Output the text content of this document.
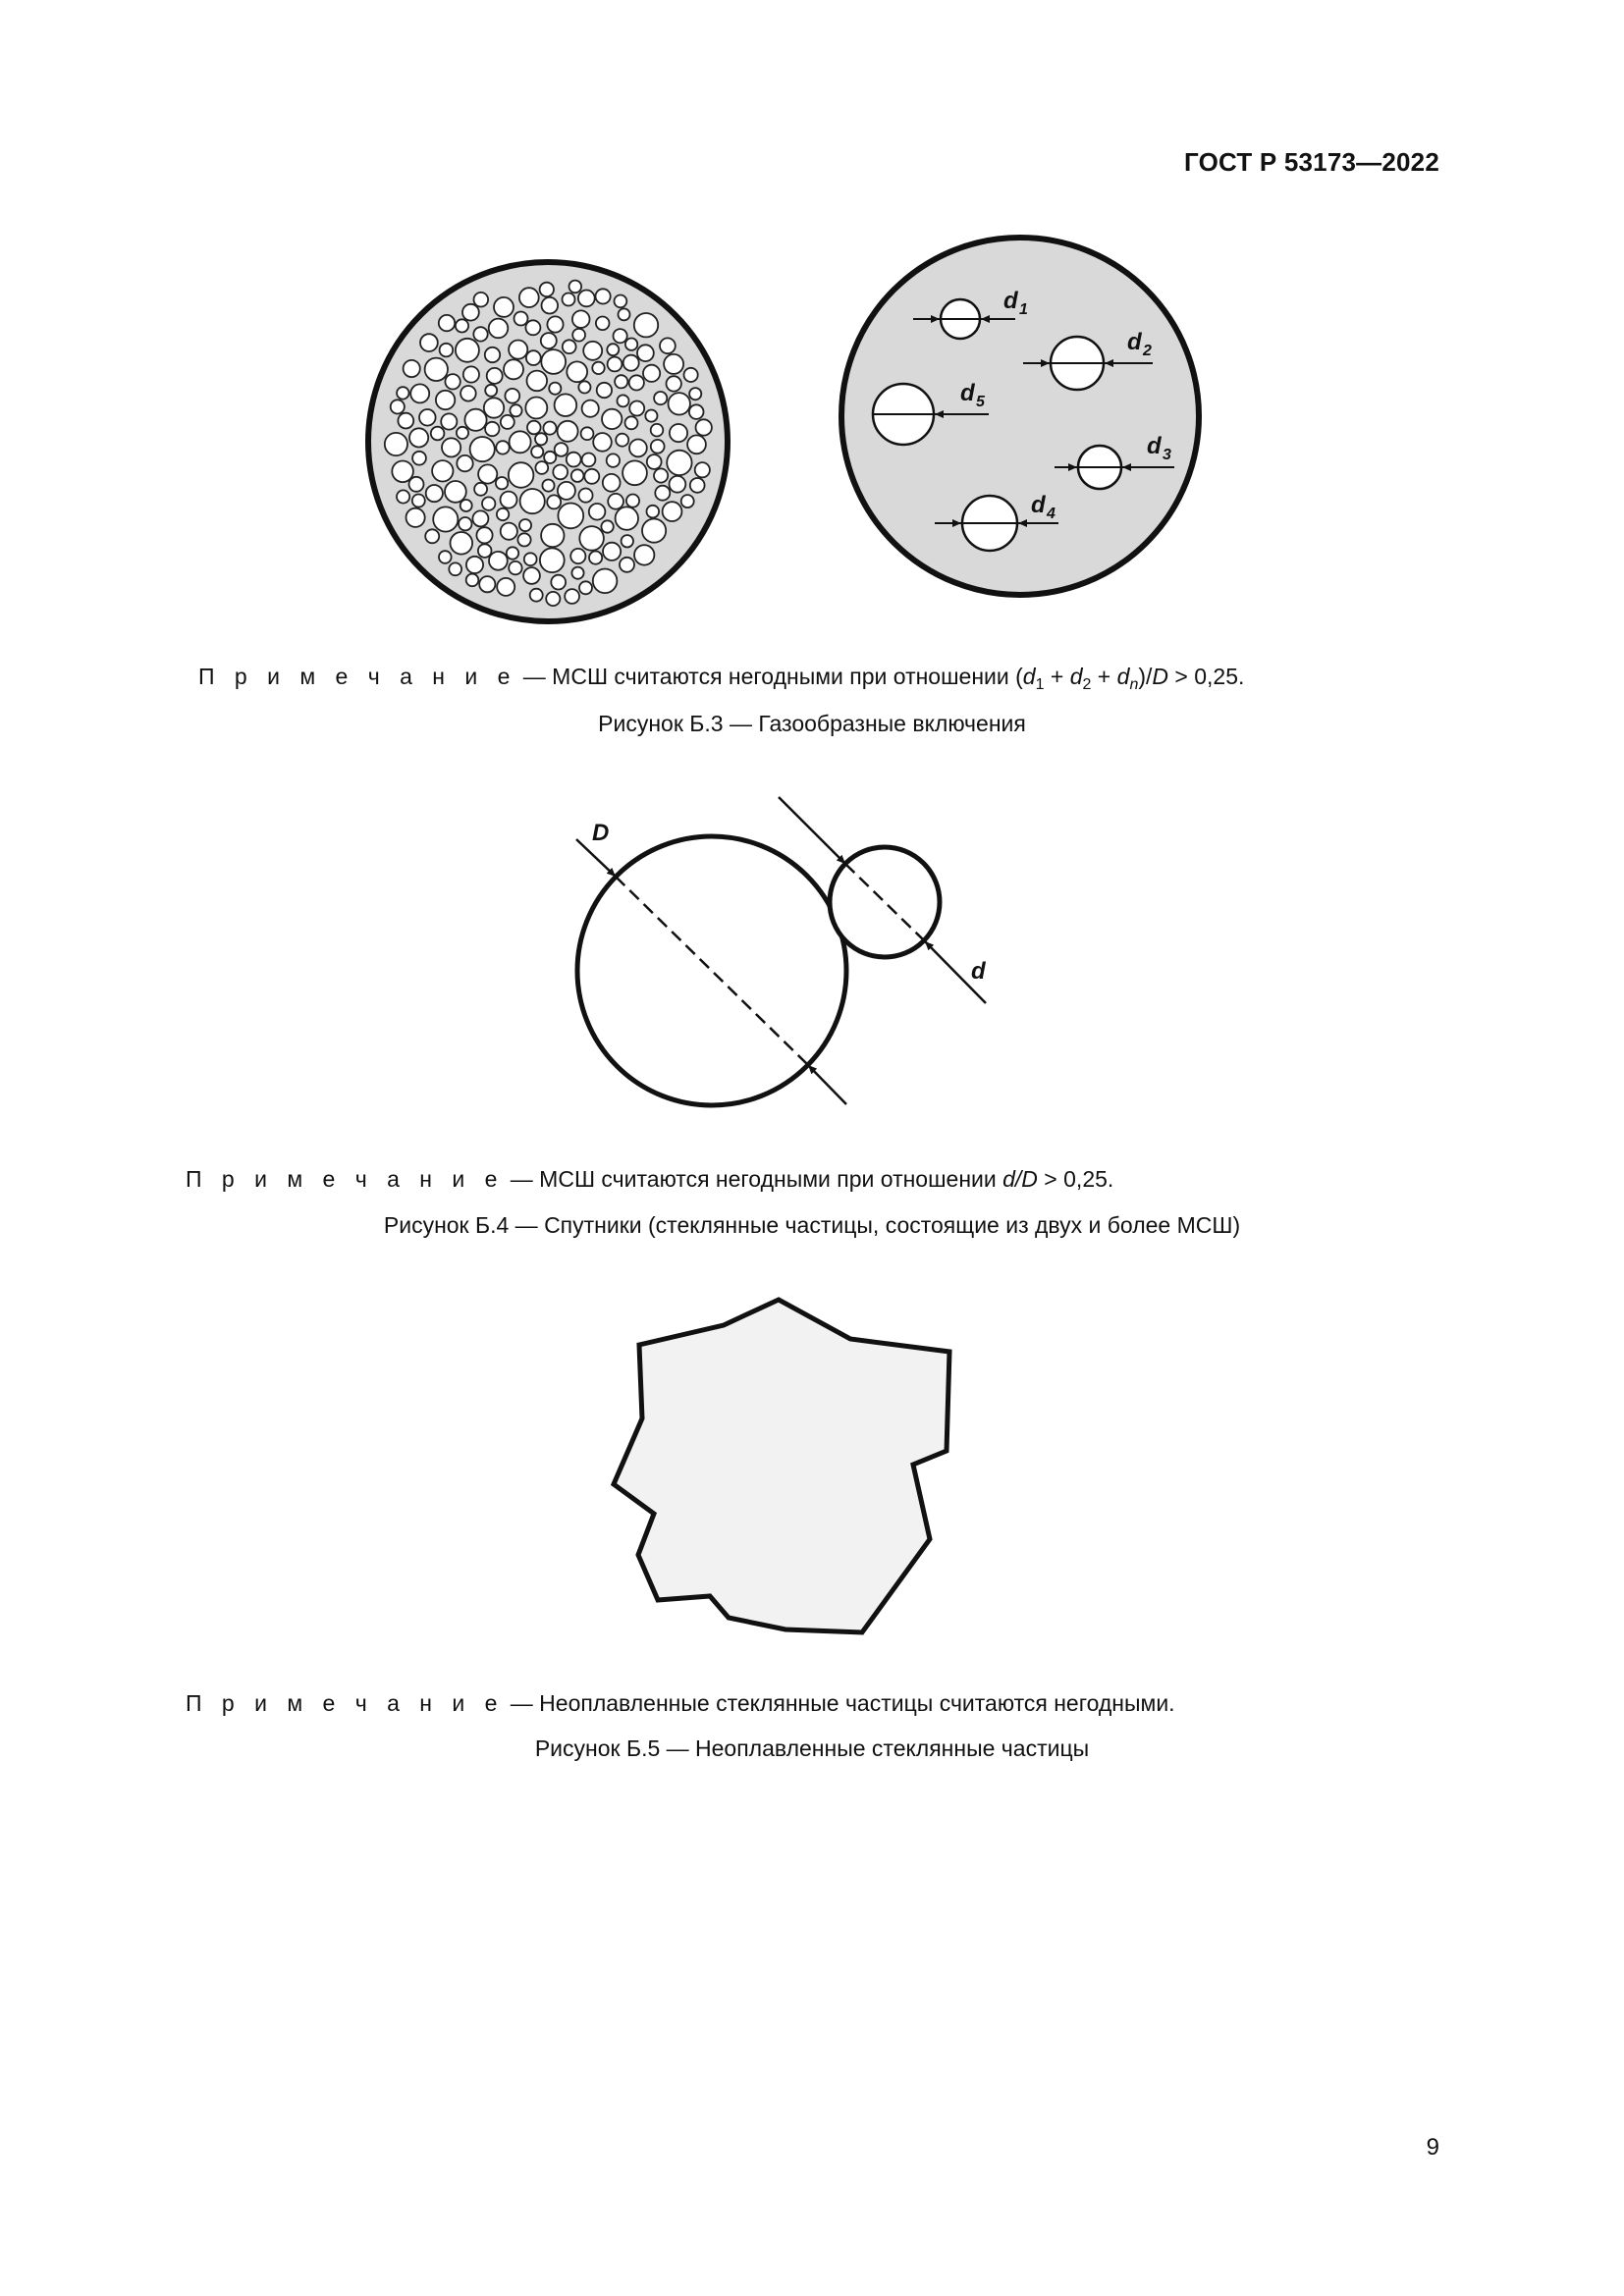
ГОСТ Р 53173—2022
d 1
d 2
d 5
d 3
d 4
D
d
П р и м е ч а н и е — МСШ считаются негодными при отношении $(d_1 + d_2 + d_n)/D > 0,25$.
Рисунок Б.3 — Газообразные включения
П р и м е ч а н и е — МСШ считаются негодными при отношении d/D > 0,25.
Рисунок Б.4 — Спутники (стеклянные частицы, состоящие из двух и более МСШ)
П р и м е ч а н и е — Неоплавленные стеклянные частицы считаются негодными.
Рисунок Б.5 — Неоплавленные стеклянные частицы
9
